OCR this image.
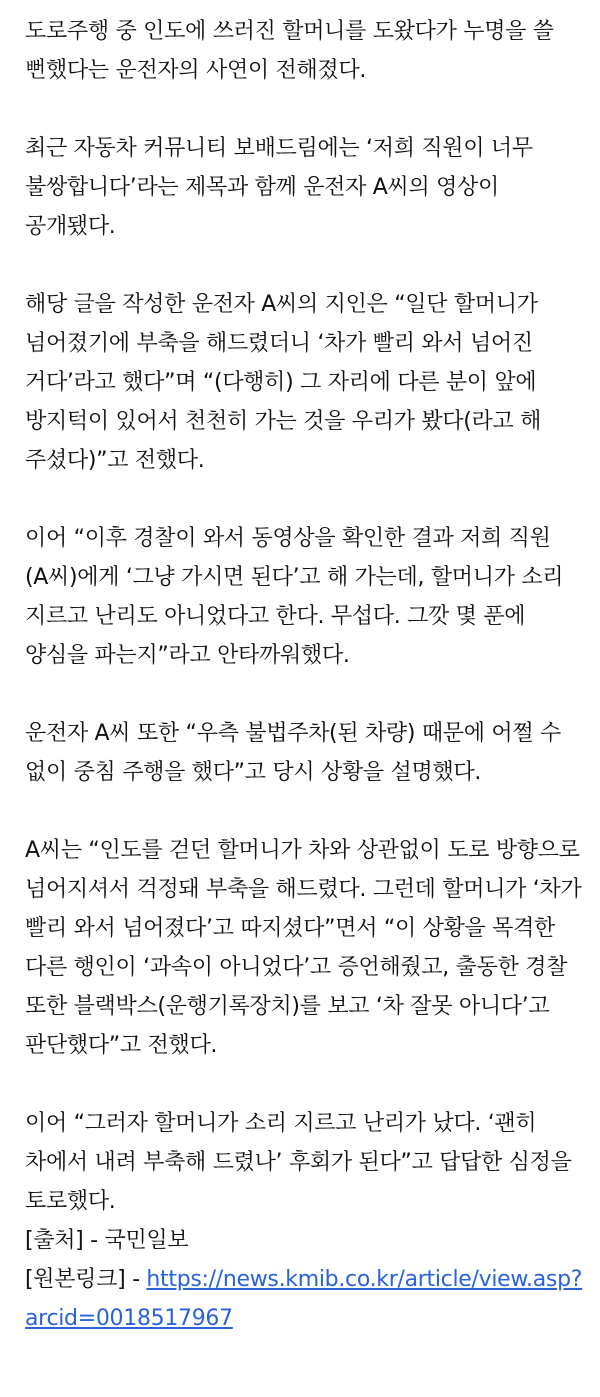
도로주행 중 인도에 쓰러진 할머니를 도왔다가 누명을 쓸 뻔했다는 운전자의 사연이 전해졌다.

최근 자동차 커뮤니티 보배드림에는 ‘저희 직원이 너무 불쌍합니다’라는 제목과 함께 운전자 A씨의 영상이 공개됐다.

해당 글을 작성한 운전자 A씨의 지인은 “일단 할머니가 넘어졌기에 부축을 해드렸더니 ‘차가 빨리 와서 넘어진 거다’라고 했다”며 “(다행히) 그 자리에 다른 분이 앞에 방지턱이 있어서 천천히 가는 것을 우리가 봤다(라고 해 주셨다)”고 전했다.

이어 “이후 경찰이 와서 동영상을 확인한 결과 저희 직원(A씨)에게 ‘그냥 가시면 된다’고 해 가는데, 할머니가 소리 지르고 난리도 아니었다고 한다. 무섭다. 그깟 몇 푼에 양심을 파는지”라고 안타까워했다.

운전자 A씨 또한 “우측 불법주차(된 차량) 때문에 어쩔 수 없이 중침 주행을 했다”고 당시 상황을 설명했다.

A씨는 “인도를 걷던 할머니가 차와 상관없이 도로 방향으로 넘어지셔서 걱정돼 부축을 해드렸다. 그런데 할머니가 ‘차가 빨리 와서 넘어졌다’고 따지셨다”면서 “이 상황을 목격한 다른 행인이 ‘과속이 아니었다’고 증언해줬고, 출동한 경찰 또한 블랙박스(운행기록장치)를 보고 ‘차 잘못 아니다’고 판단했다”고 전했다.

이어 “그러자 할머니가 소리 지르고 난리가 났다. ‘괜히 차에서 내려 부축해 드렸나’ 후회가 된다”고 답답한 심정을 토로했다.

[출처] - 국민일보

[원본링크] - https://news.kmib.co.kr/article/view.asp?arcid=0018517967
